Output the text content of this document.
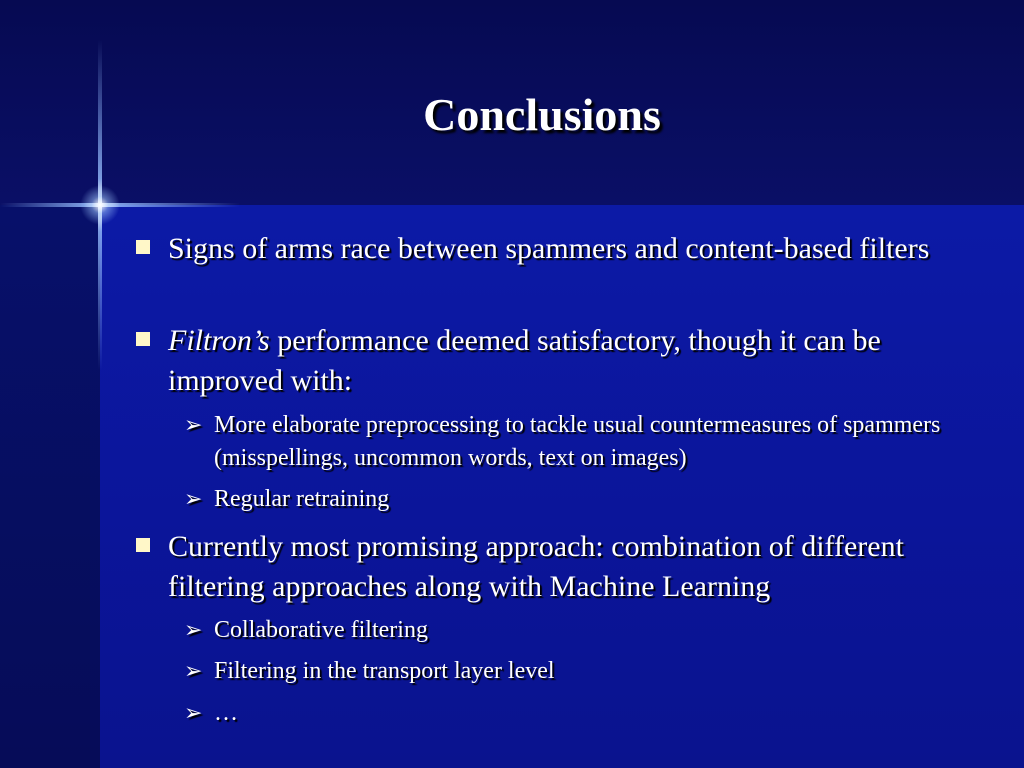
Conclusions
Signs of arms race between spammers and content-based filters
Filtron’s performance deemed satisfactory, though it can be improved with:
➢ More elaborate preprocessing to tackle usual countermeasures of spammers (misspellings, uncommon words, text on images)
➢ Regular retraining
Currently most promising approach: combination of different filtering approaches along with Machine Learning
➢ Collaborative filtering
➢ Filtering in the transport layer level
➢ …
